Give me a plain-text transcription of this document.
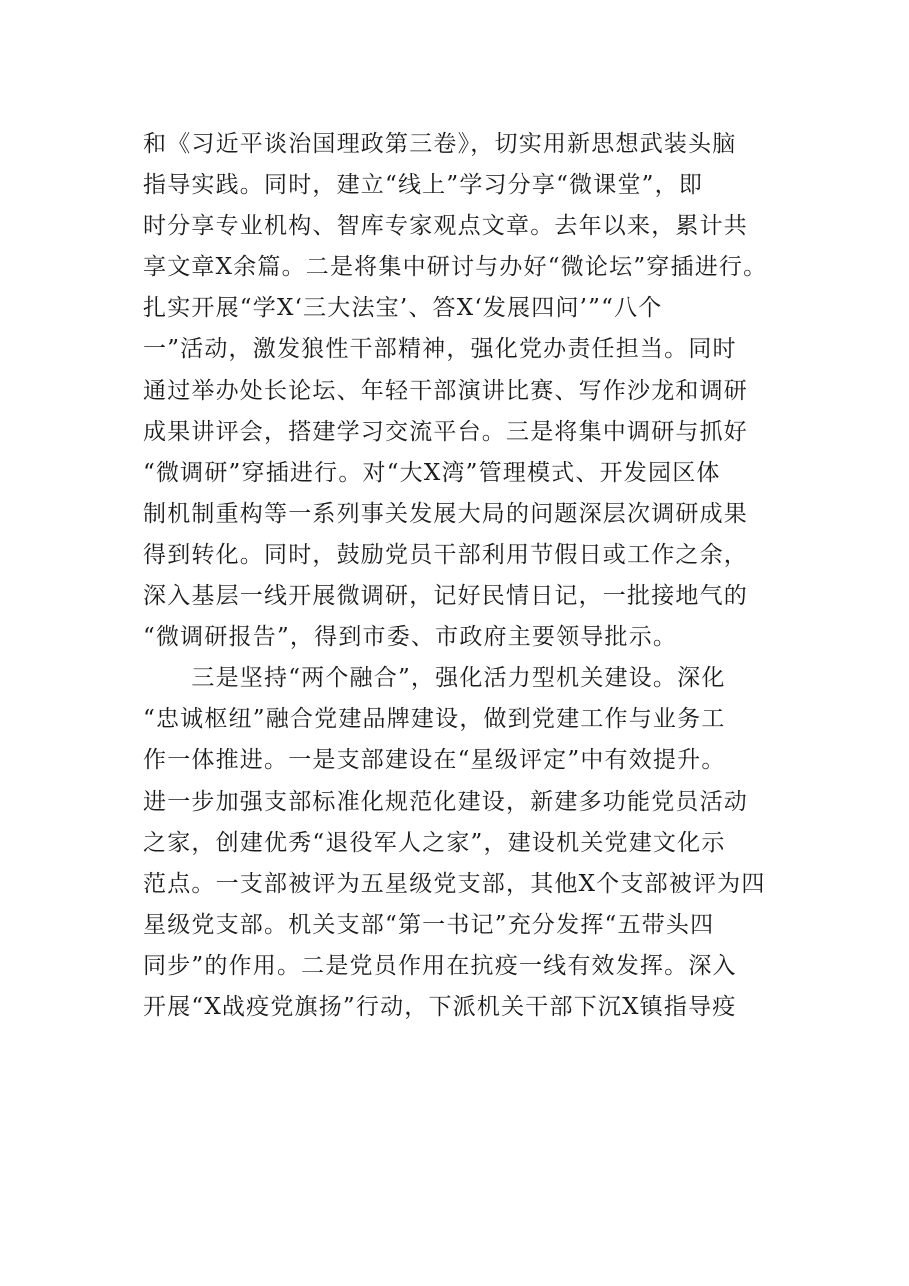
和《习近平谈治国理政第三卷》，切实用新思想武装头脑
指导实践。同时，建立“线上”学习分享“微课堂”，即
时分享专业机构、智库专家观点文章。去年以来，累计共
享文章X余篇。二是将集中研讨与办好“微论坛”穿插进行。
扎实开展“学X‘三大法宝’、答X‘发展四问’”“八个
一”活动，激发狼性干部精神，强化党办责任担当。同时
通过举办处长论坛、年轻干部演讲比赛、写作沙龙和调研
成果讲评会，搭建学习交流平台。三是将集中调研与抓好
“微调研”穿插进行。对“大X湾”管理模式、开发园区体
制机制重构等一系列事关发展大局的问题深层次调研成果
得到转化。同时，鼓励党员干部利用节假日或工作之余，
深入基层一线开展微调研，记好民情日记，一批接地气的
“微调研报告”，得到市委、市政府主要领导批示。
　　三是坚持“两个融合”，强化活力型机关建设。深化
“忠诚枢纽”融合党建品牌建设，做到党建工作与业务工
作一体推进。一是支部建设在“星级评定”中有效提升。
进一步加强支部标准化规范化建设，新建多功能党员活动
之家，创建优秀“退役军人之家”，建设机关党建文化示
范点。一支部被评为五星级党支部，其他X个支部被评为四
星级党支部。机关支部“第一书记”充分发挥“五带头四
同步”的作用。二是党员作用在抗疫一线有效发挥。深入
开展“X战疫党旗扬”行动，下派机关干部下沉X镇指导疫
